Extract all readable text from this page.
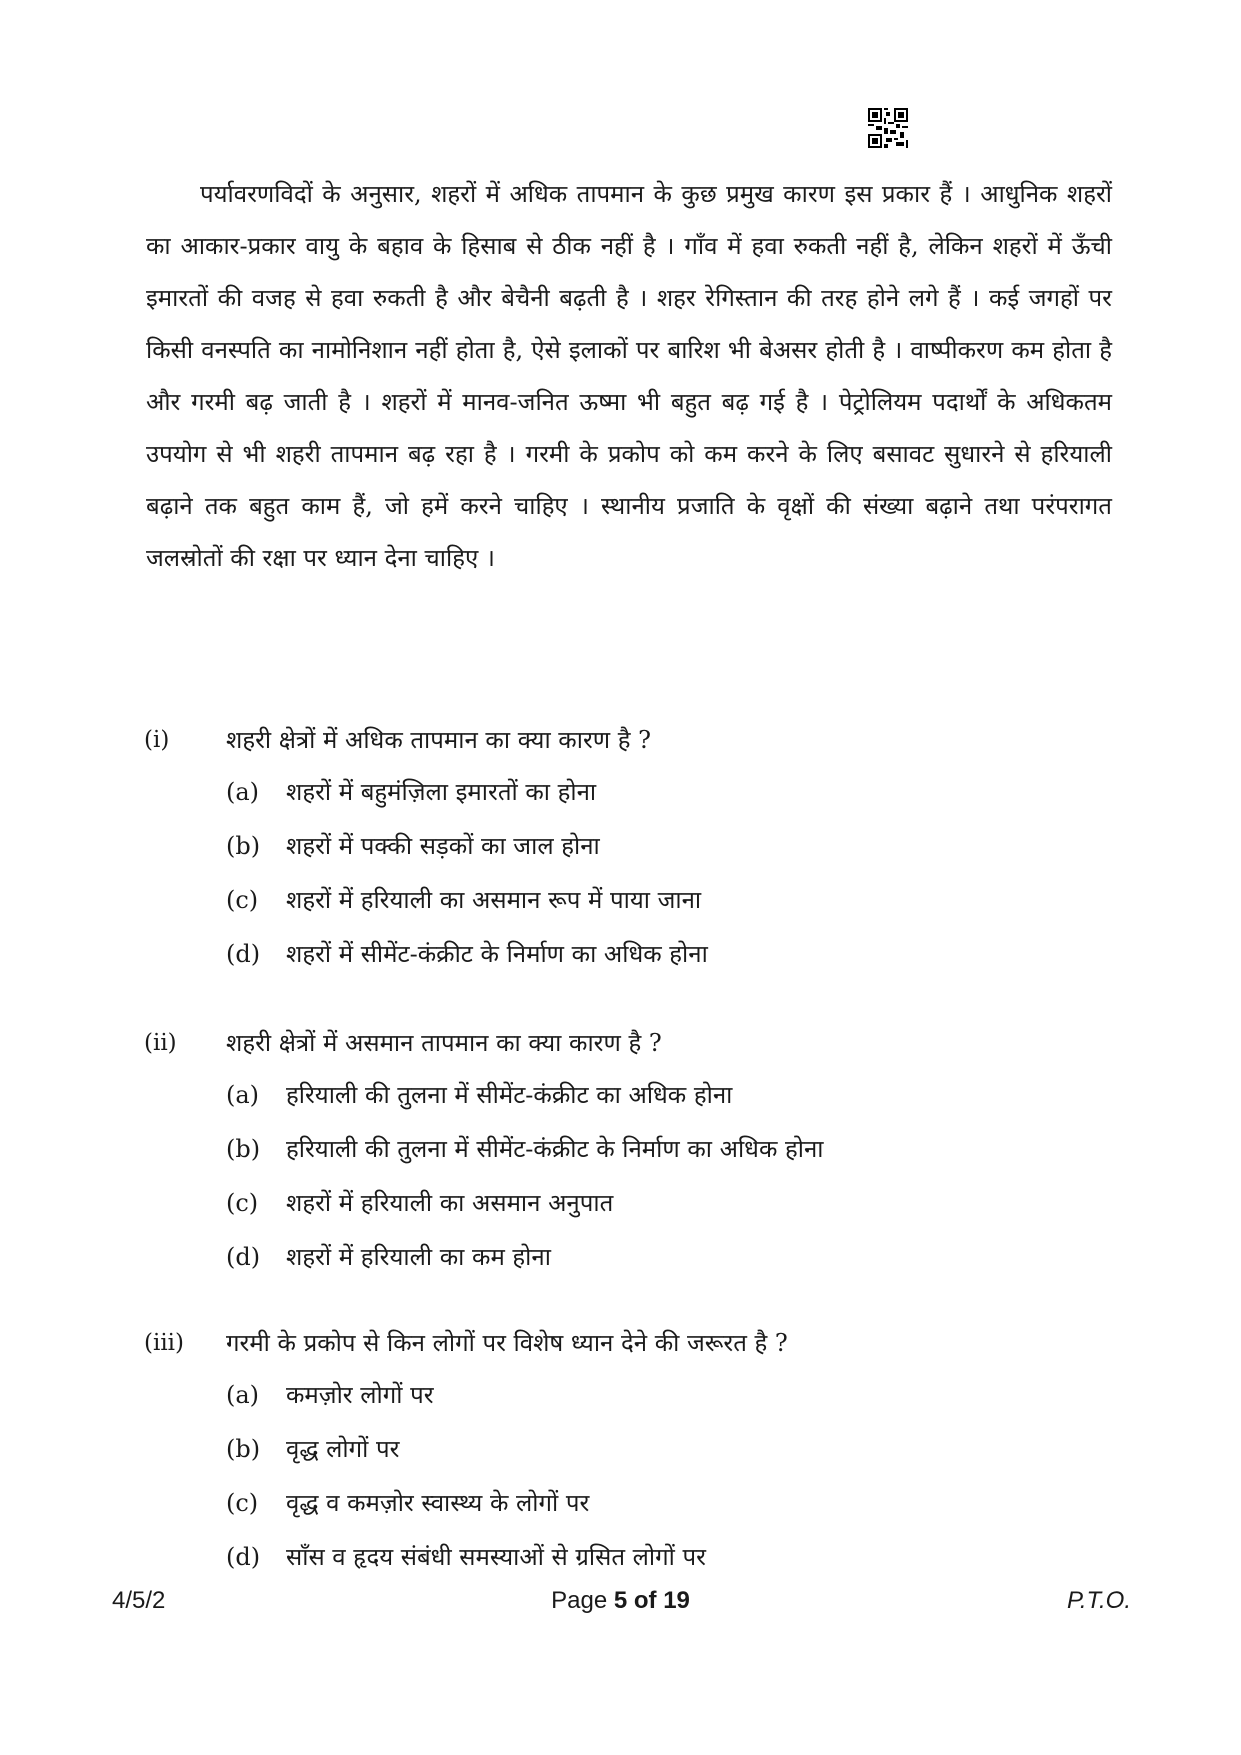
पर्यावरणविदों के अनुसार, शहरों में अधिक तापमान के कुछ प्रमुख कारण इस प्रकार हैं । आधुनिक शहरों का आकार-प्रकार वायु के बहाव के हिसाब से ठीक नहीं है । गाँव में हवा रुकती नहीं है, लेकिन शहरों में ऊँची इमारतों की वजह से हवा रुकती है और बेचैनी बढ़ती है । शहर रेगिस्तान की तरह होने लगे हैं । कई जगहों पर किसी वनस्पति का नामोनिशान नहीं होता है, ऐसे इलाकों पर बारिश भी बेअसर होती है । वाष्पीकरण कम होता है और गरमी बढ़ जाती है । शहरों में मानव-जनित ऊष्मा भी बहुत बढ़ गई है । पेट्रोलियम पदार्थों के अधिकतम उपयोग से भी शहरी तापमान बढ़ रहा है । गरमी के प्रकोप को कम करने के लिए बसावट सुधारने से हरियाली बढ़ाने तक बहुत काम हैं, जो हमें करने चाहिए । स्थानीय प्रजाति के वृक्षों की संख्या बढ़ाने तथा परंपरागत जलस्रोतों की रक्षा पर ध्यान देना चाहिए ।

(i) शहरी क्षेत्रों में अधिक तापमान का क्या कारण है ?
(a) शहरों में बहुमंज़िला इमारतों का होना
(b) शहरों में पक्की सड़कों का जाल होना
(c) शहरों में हरियाली का असमान रूप में पाया जाना
(d) शहरों में सीमेंट-कंक्रीट के निर्माण का अधिक होना
(ii) शहरी क्षेत्रों में असमान तापमान का क्या कारण है ?
(a) हरियाली की तुलना में सीमेंट-कंक्रीट का अधिक होना
(b) हरियाली की तुलना में सीमेंट-कंक्रीट के निर्माण का अधिक होना
(c) शहरों में हरियाली का असमान अनुपात
(d) शहरों में हरियाली का कम होना
(iii) गरमी के प्रकोप से किन लोगों पर विशेष ध्यान देने की जरूरत है ?
(a) कमज़ोर लोगों पर
(b) वृद्ध लोगों पर
(c) वृद्ध व कमज़ोर स्वास्थ्य के लोगों पर
(d) साँस व हृदय संबंधी समस्याओं से ग्रसित लोगों पर
4/5/2	Page 5 of 19	P.T.O.
